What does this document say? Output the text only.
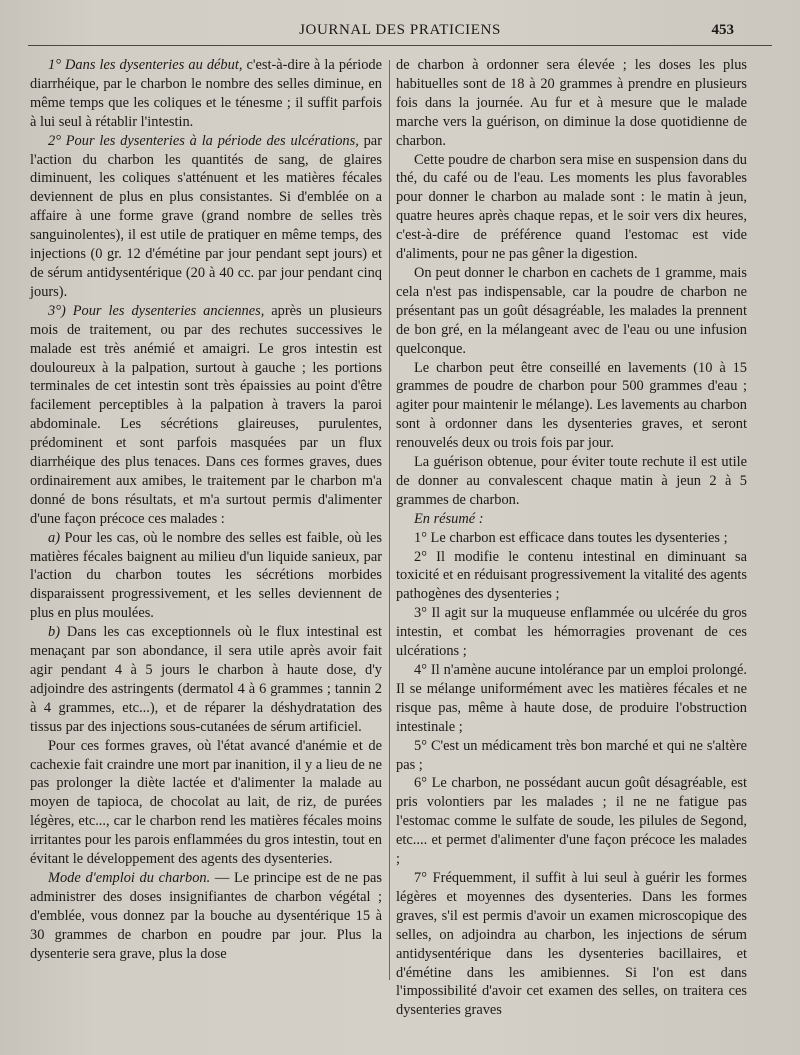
JOURNAL DES PRATICIENS	453

1° Dans les dysenteries au début, c'est-à-dire à la période diarrhéique, par le charbon le nombre des selles diminue, en même temps que les coliques et le ténesme ; il suffit parfois à lui seul à rétablir l'intestin.

2° Pour les dysenteries à la période des ulcérations, par l'action du charbon les quantités de sang, de glaires diminuent, les coliques s'atténuent et les matières fécales deviennent de plus en plus consistantes. Si d'emblée on a affaire à une forme grave (grand nombre de selles très sanguinolentes), il est utile de pratiquer en même temps, des injections (0 gr. 12 d'émétine par jour pendant sept jours) et de sérum antidysentérique (20 à 40 cc. par jour pendant cinq jours).

3°) Pour les dysenteries anciennes, après un plusieurs mois de traitement, ou par des rechutes successives le malade est très anémié et amaigri. Le gros intestin est douloureux à la palpation, surtout à gauche ; les portions terminales de cet intestin sont très épaissies au point d'être facilement perceptibles à la palpation à travers la paroi abdominale. Les sécrétions glaireuses, purulentes, prédominent et sont parfois masquées par un flux diarrhéique des plus tenaces. Dans ces formes graves, dues ordinairement aux amibes, le traitement par le charbon m'a donné de bons résultats, et m'a surtout permis d'alimenter d'une façon précoce ces malades :

a) Pour les cas, où le nombre des selles est faible, où les matières fécales baignent au milieu d'un liquide sanieux, par l'action du charbon toutes les sécrétions morbides disparaissent progressivement, et les selles deviennent de plus en plus moulées.

b) Dans les cas exceptionnels où le flux intestinal est menaçant par son abondance, il sera utile après avoir fait agir pendant 4 à 5 jours le charbon à haute dose, d'y adjoindre des astringents (dermatol 4 à 6 grammes ; tannin 2 à 4 grammes, etc...), et de réparer la déshydratation des tissus par des injections sous-cutanées de sérum artificiel.

Pour ces formes graves, où l'état avancé d'anémie et de cachexie fait craindre une mort par inanition, il y a lieu de ne pas prolonger la diète lactée et d'alimenter la malade au moyen de tapioca, de chocolat au lait, de riz, de purées légères, etc..., car le charbon rend les matières fécales moins irritantes pour les parois enflammées du gros intestin, tout en évitant le développement des agents des dysenteries.

Mode d'emploi du charbon. — Le principe est de ne pas administrer des doses insignifiantes de charbon végétal ; d'emblée, vous donnez par la bouche au dysentérique 15 à 30 grammes de charbon en poudre par jour. Plus la dysenterie sera grave, plus la dose

de charbon à ordonner sera élevée ; les doses les plus habituelles sont de 18 à 20 grammes à prendre en plusieurs fois dans la journée. Au fur et à mesure que le malade marche vers la guérison, on diminue la dose quotidienne de charbon.

Cette poudre de charbon sera mise en suspension dans du thé, du café ou de l'eau. Les moments les plus favorables pour donner le charbon au malade sont : le matin à jeun, quatre heures après chaque repas, et le soir vers dix heures, c'est-à-dire de préférence quand l'estomac est vide d'aliments, pour ne pas gêner la digestion.

On peut donner le charbon en cachets de 1 gramme, mais cela n'est pas indispensable, car la poudre de charbon ne présentant pas un goût désagréable, les malades la prennent de bon gré, en la mélangeant avec de l'eau ou une infusion quelconque.

Le charbon peut être conseillé en lavements (10 à 15 grammes de poudre de charbon pour 500 grammes d'eau ; agiter pour maintenir le mélange). Les lavements au charbon sont à ordonner dans les dysenteries graves, et seront renouvelés deux ou trois fois par jour.

La guérison obtenue, pour éviter toute rechute il est utile de donner au convalescent chaque matin à jeun 2 à 5 grammes de charbon.

En résumé :

1° Le charbon est efficace dans toutes les dysenteries ;

2° Il modifie le contenu intestinal en diminuant sa toxicité et en réduisant progressivement la vitalité des agents pathogènes des dysenteries ;

3° Il agit sur la muqueuse enflammée ou ulcérée du gros intestin, et combat les hémorragies provenant de ces ulcérations ;

4° Il n'amène aucune intolérance par un emploi prolongé. Il se mélange uniformément avec les matières fécales et ne risque pas, même à haute dose, de produire l'obstruction intestinale ;

5° C'est un médicament très bon marché et qui ne s'altère pas ;

6° Le charbon, ne possédant aucun goût désagréable, est pris volontiers par les malades ; il ne ne fatigue pas l'estomac comme le sulfate de soude, les pilules de Segond, etc.... et permet d'alimenter d'une façon précoce les malades ;

7° Fréquemment, il suffit à lui seul à guérir les formes légères et moyennes des dysenteries. Dans les formes graves, s'il est permis d'avoir un examen microscopique des selles, on adjoindra au charbon, les injections de sérum antidysentérique dans les dysenteries bacillaires, et d'émétine dans les amibiennes. Si l'on est dans l'impossibilité d'avoir cet examen des selles, on traitera ces dysenteries graves
